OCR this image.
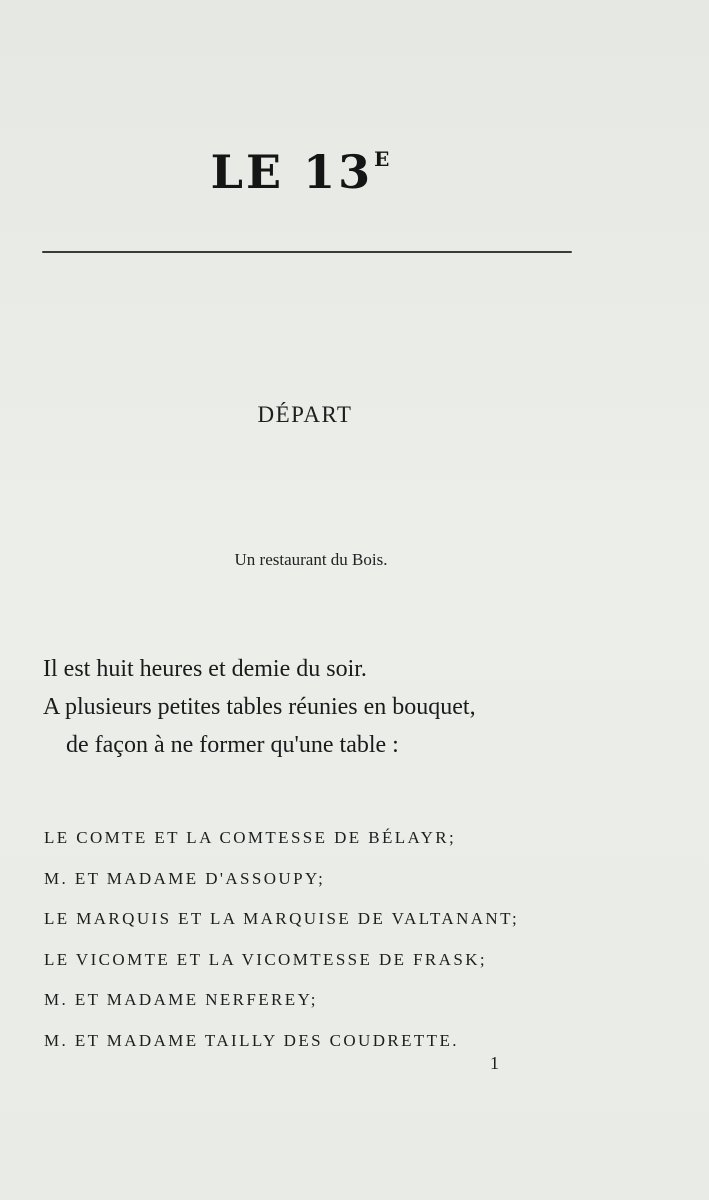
LE $13^E$
DÉPART
Un restaurant du Bois.
Il est huit heures et demie du soir.
A plusieurs petites tables réunies en bouquet,
de façon à ne former qu'une table :
LE COMTE ET LA COMTESSE DE BÉLAYR;
M. ET MADAME D'ASSOUPY;
LE MARQUIS ET LA MARQUISE DE VALTANANT;
LE VICOMTE ET LA VICOMTESSE DE FRASK;
M. ET MADAME NERFEREY;
M. ET MADAME TAILLY DES COUDRETTE.
1
